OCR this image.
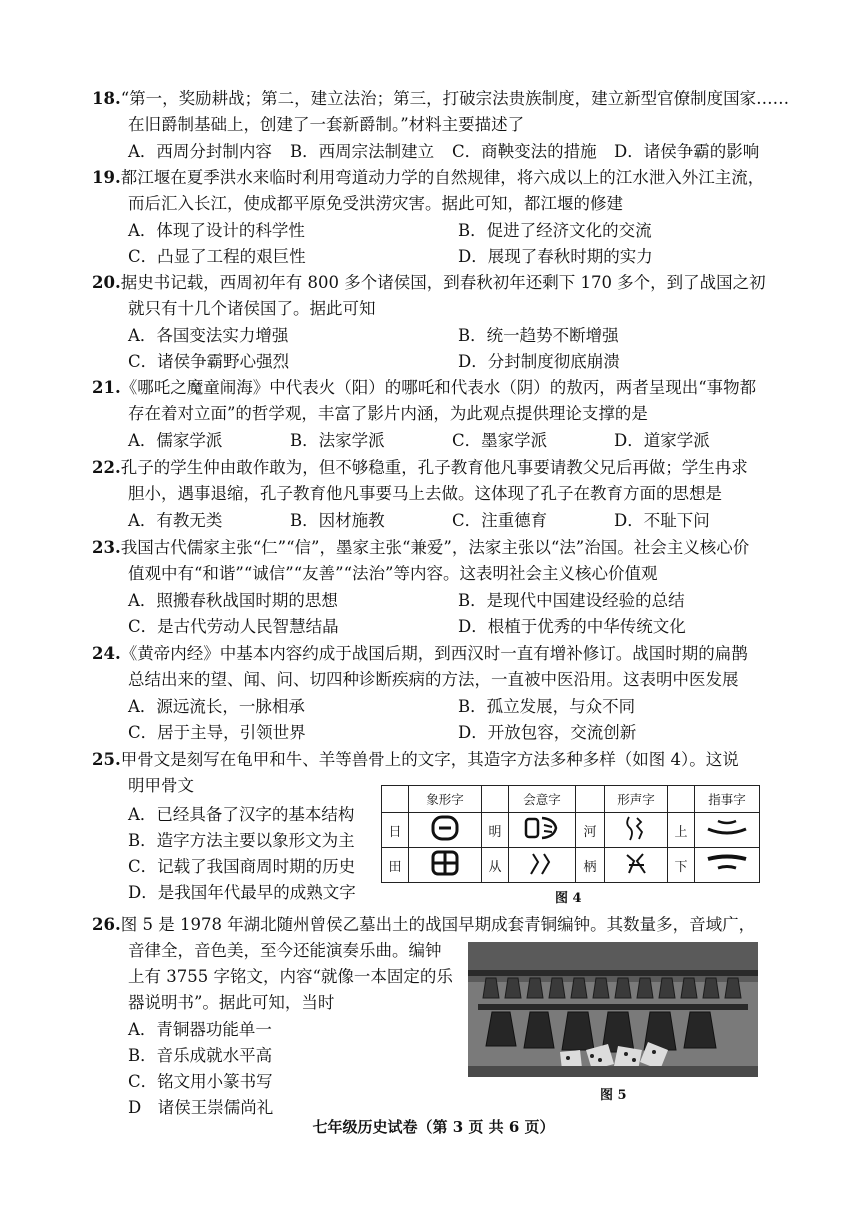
18.“第一，奖励耕战；第二，建立法治；第三，打破宗法贵族制度，建立新型官僚制度国家……
在旧爵制基础上，创建了一套新爵制。”材料主要描述了
A．西周分封制内容	B．西周宗法制建立	C．商鞅变法的措施	D．诸侯争霸的影响
19.都江堰在夏季洪水来临时利用弯道动力学的自然规律，将六成以上的江水泄入外江主流，
而后汇入长江，使成都平原免受洪涝灾害。据此可知，都江堰的修建
A．体现了设计的科学性	B．促进了经济文化的交流
C．凸显了工程的艰巨性	D．展现了春秋时期的实力
20.据史书记载，西周初年有 800 多个诸侯国，到春秋初年还剩下 170 多个，到了战国之初
就只有十几个诸侯国了。据此可知
A．各国变法实力增强	B．统一趋势不断增强
C．诸侯争霸野心强烈	D．分封制度彻底崩溃
21.《哪吒之魔童闹海》中代表火（阳）的哪吒和代表水（阴）的敖丙，两者呈现出“事物都
存在着对立面”的哲学观，丰富了影片内涵，为此观点提供理论支撑的是
A．儒家学派	B．法家学派	C．墨家学派	D．道家学派
22.孔子的学生仲由敢作敢为，但不够稳重，孔子教育他凡事要请教父兄后再做；学生冉求
胆小，遇事退缩，孔子教育他凡事要马上去做。这体现了孔子在教育方面的思想是
A．有教无类	B．因材施教	C．注重德育	D．不耻下问
23.我国古代儒家主张“仁”“信”，墨家主张“兼爱”，法家主张以“法”治国。社会主义核心价
值观中有“和谐”“诚信”“友善”“法治”等内容。这表明社会主义核心价值观
A．照搬春秋战国时期的思想	B．是现代中国建设经验的总结
C．是古代劳动人民智慧结晶	D．根植于优秀的中华传统文化
24.《黄帝内经》中基本内容约成于战国后期，到西汉时一直有增补修订。战国时期的扁鹊
总结出来的望、闻、问、切四种诊断疾病的方法，一直被中医沿用。这表明中医发展
A．源远流长，一脉相承	B．孤立发展，与众不同
C．居于主导，引领世界	D．开放包容，交流创新
25.甲骨文是刻写在龟甲和牛、羊等兽骨上的文字，其造字方法多种多样（如图 4）。这说
明甲骨文
A．已经具备了汉字的基本结构
B．造字方法主要以象形文为主
C．记载了我国商周时期的历史
D．是我国年代最早的成熟文字
	象形字		会意字		形声字		指事字
日		明		河		上	
田		从		柄		下	
图 4
26.图 5 是 1978 年湖北随州曾侯乙墓出土的战国早期成套青铜编钟。其数量多，音域广，
音律全，音色美，至今还能演奏乐曲。编钟
上有 3755 字铭文，内容“就像一本固定的乐
器说明书”。据此可知，当时
A．青铜器功能单一
B．音乐成就水平高
C．铭文用小篆书写
D　诸侯王崇儒尚礼
图 5
七年级历史试卷（第 3 页 共 6 页）
